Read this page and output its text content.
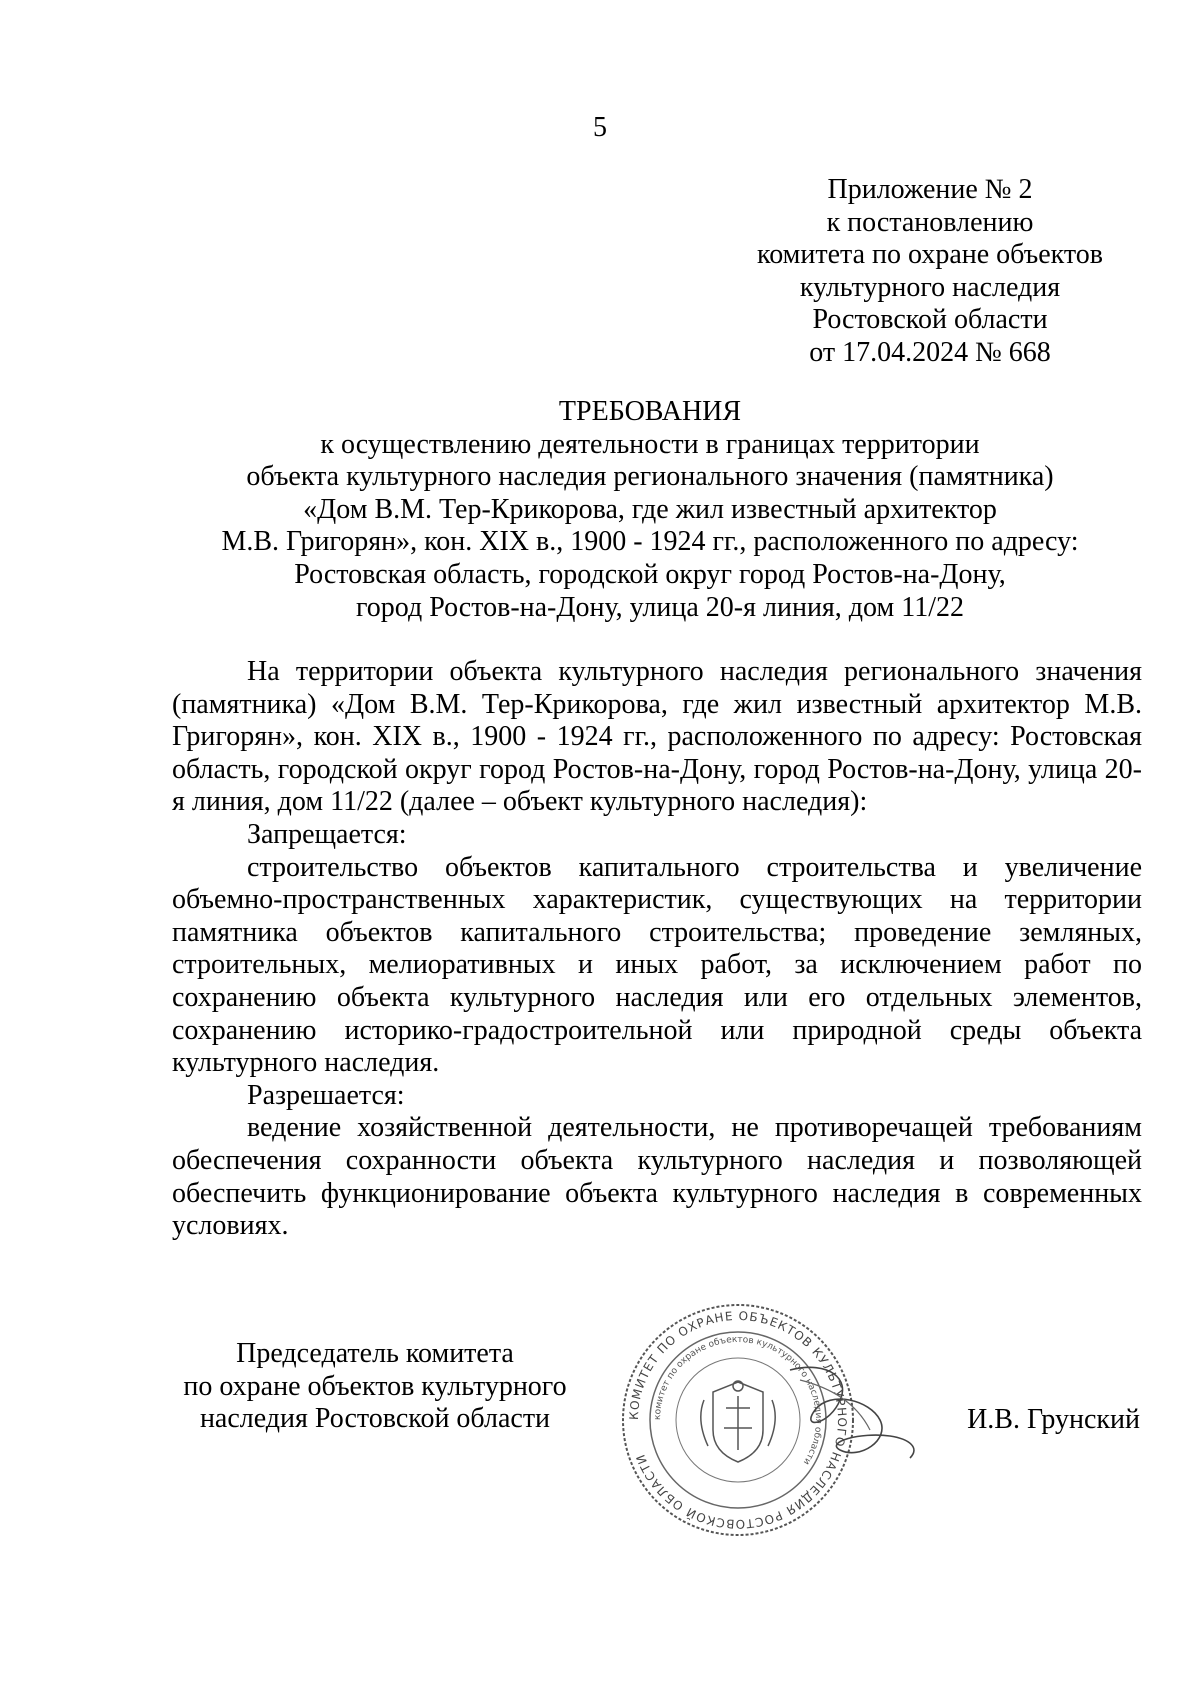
5
Приложение № 2
к постановлению
комитета по охране объектов
культурного наследия
Ростовской области
от 17.04.2024 № 668
ТРЕБОВАНИЯ
к осуществлению деятельности в границах территории
объекта культурного наследия регионального значения (памятника)
«Дом В.М. Тер-Крикорова, где жил известный архитектор
М.В. Григорян», кон. XIX в., 1900 - 1924 гг., расположенного по адресу:
Ростовская область, городской округ город Ростов-на-Дону,
город Ростов-на-Дону, улица 20-я линия, дом 11/22

На территории объекта культурного наследия регионального значения (памятника) «Дом В.М. Тер-Крикорова, где жил известный архитектор М.В. Григорян», кон. XIX в., 1900 - 1924 гг., расположенного по адресу: Ростовская область, городской округ город Ростов-на-Дону, город Ростов-на-Дону, улица 20-я линия, дом 11/22 (далее – объект культурного наследия):

Запрещается:

строительство объектов капитального строительства и увеличение объемно-пространственных характеристик, существующих на территории памятника объектов капитального строительства; проведение земляных, строительных, мелиоративных и иных работ, за исключением работ по сохранению объекта культурного наследия или его отдельных элементов, сохранению историко-градостроительной или природной среды объекта культурного наследия.

Разрешается:

ведение хозяйственной деятельности, не противоречащей требованиям обеспечения сохранности объекта культурного наследия и позволяющей обеспечить функционирование объекта культурного наследия в современных условиях.

Председатель комитета
по охране объектов культурного
наследия Ростовской области	КОМИТЕТ ПО ОХРАНЕ ОБЪЕКТОВ КУЛЬТУРНОГО НАСЛЕДИЯ РОСТОВСКОЙ ОБЛАСТИ
комитет по охране объектов культурного наследия области
И.В. Грунский
